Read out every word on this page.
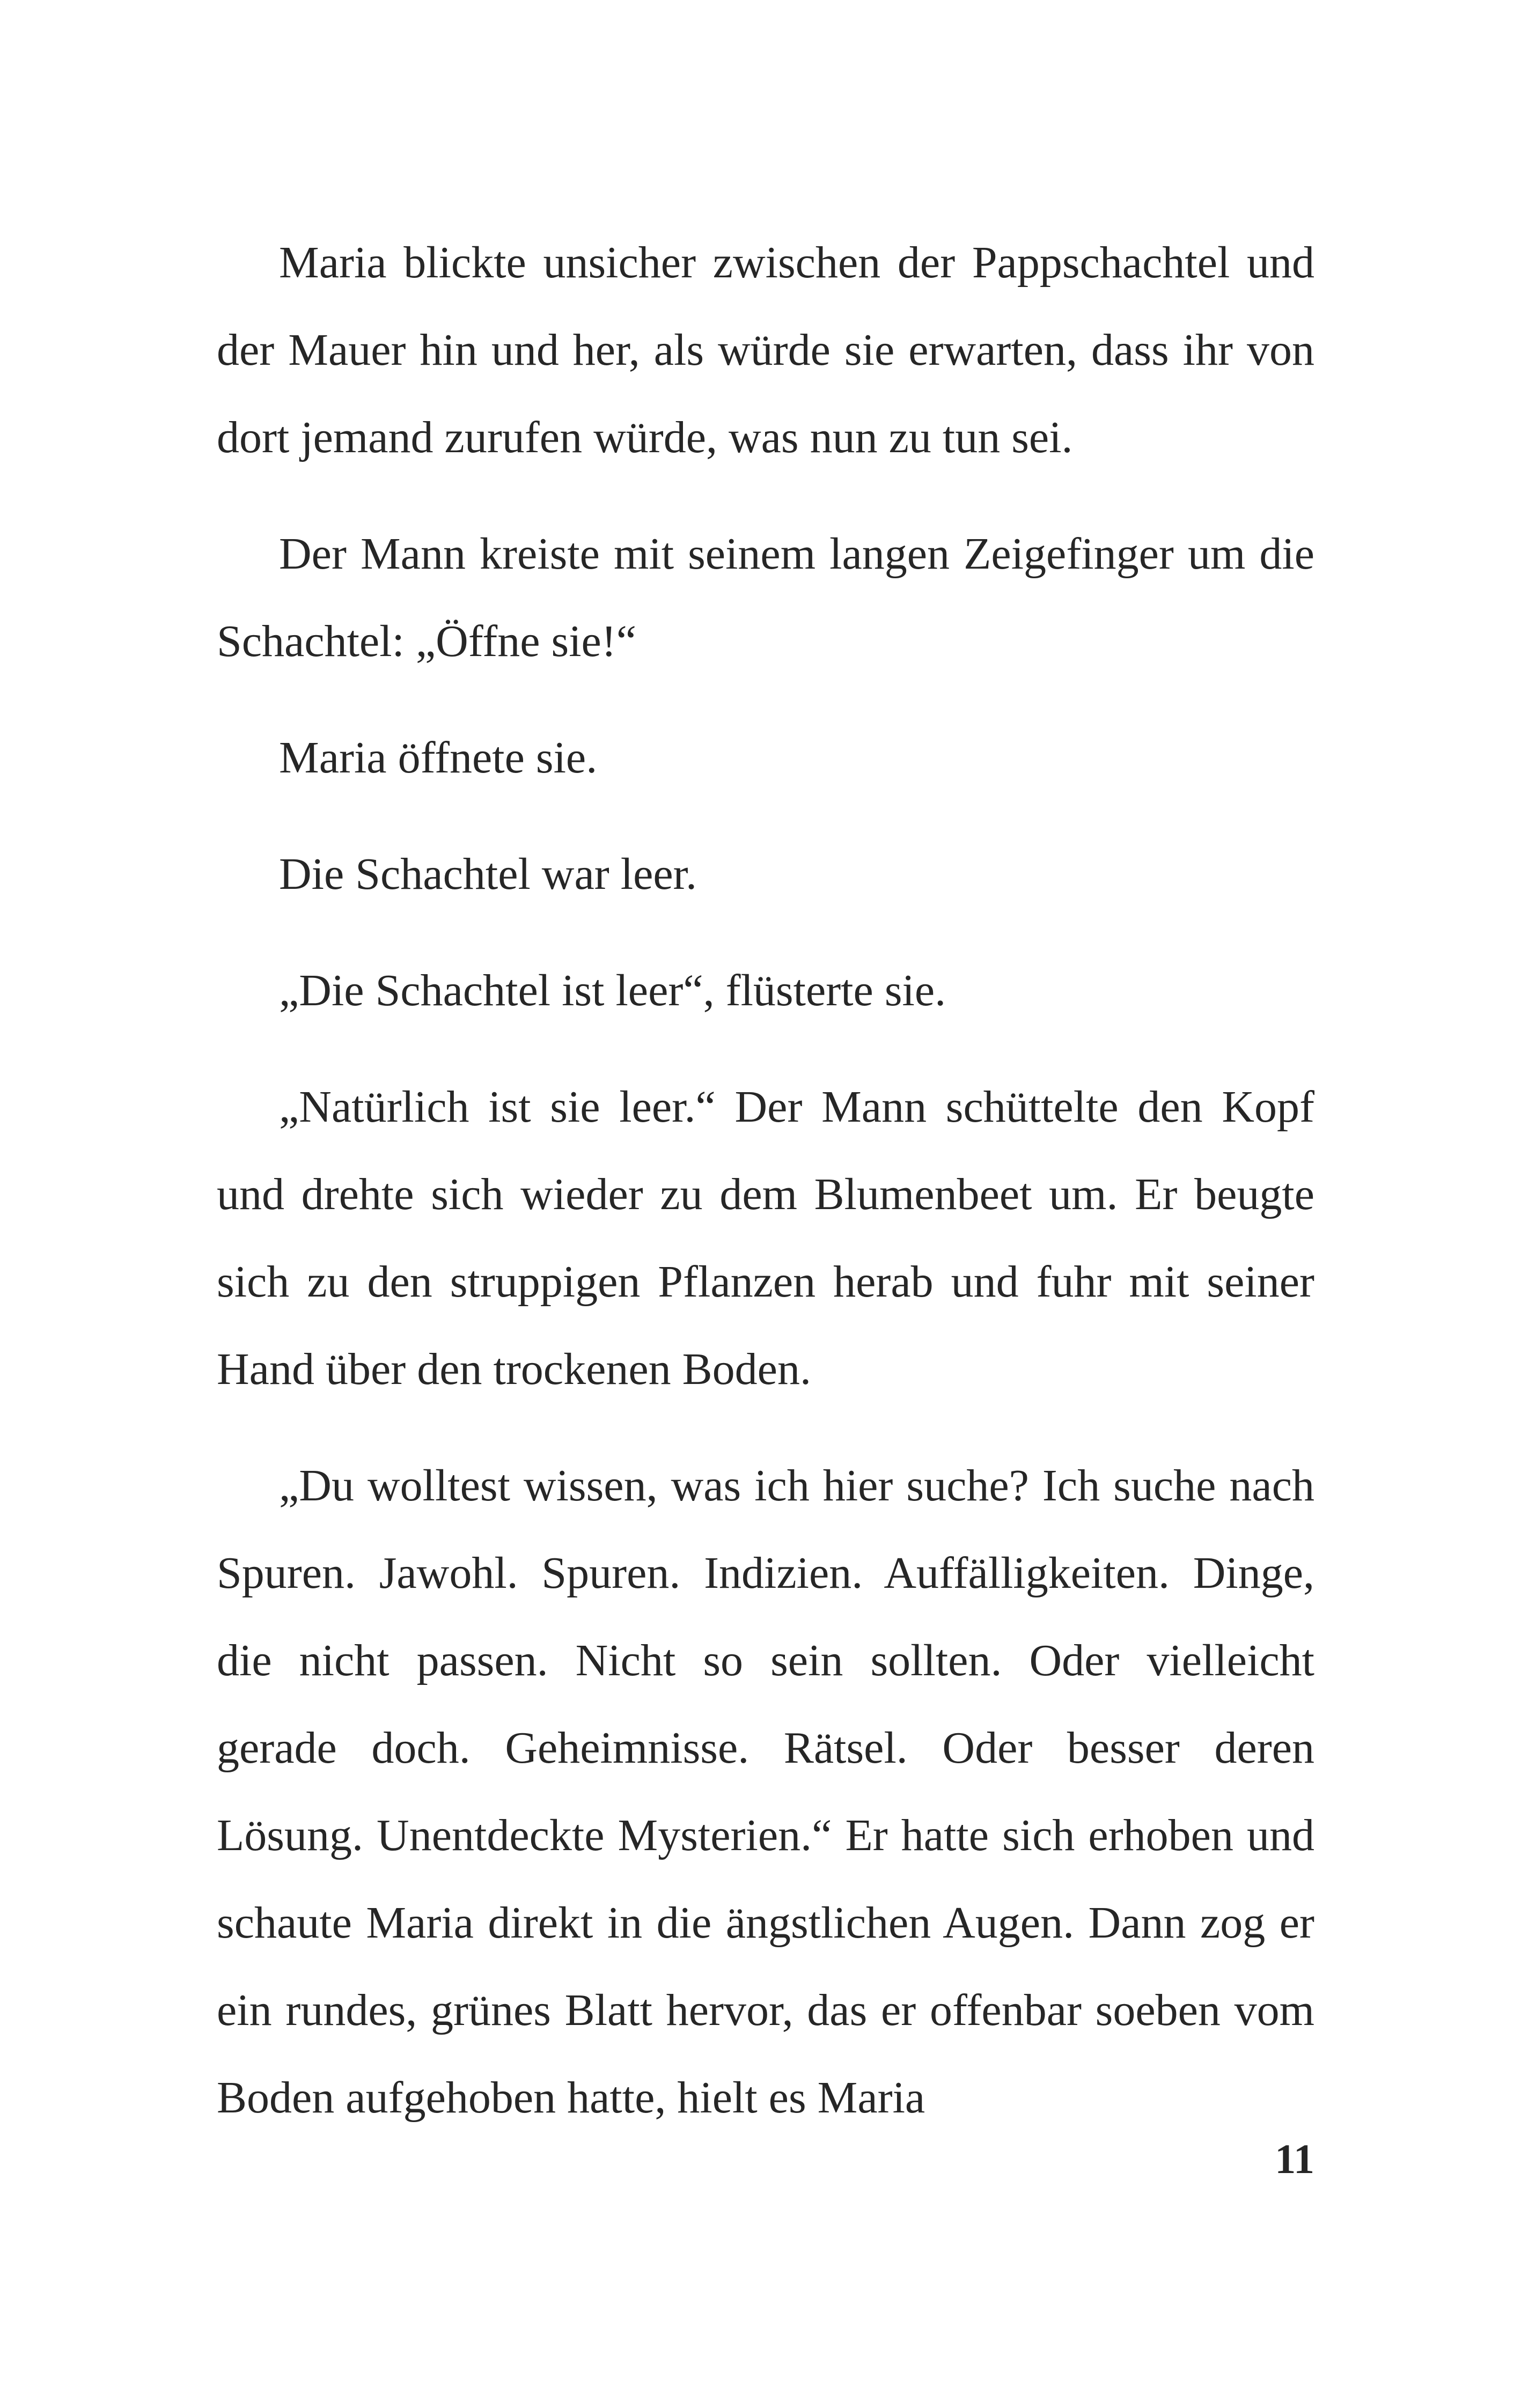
Maria blickte unsicher zwischen der Pappschachtel und der Mauer hin und her, als würde sie erwarten, dass ihr von dort jemand zurufen würde, was nun zu tun sei.

Der Mann kreiste mit seinem langen Zeigefinger um die Schachtel: „Öffne sie!“

Maria öffnete sie.

Die Schachtel war leer.

„Die Schachtel ist leer“, flüsterte sie.

„Natürlich ist sie leer.“ Der Mann schüttelte den Kopf und drehte sich wieder zu dem Blumenbeet um. Er beugte sich zu den struppigen Pflanzen herab und fuhr mit seiner Hand über den trockenen Boden.

„Du wolltest wissen, was ich hier suche? Ich suche nach Spuren. Jawohl. Spuren. Indizien. Auffälligkeiten. Dinge, die nicht passen. Nicht so sein sollten. Oder vielleicht gerade doch. Geheimnisse. Rätsel. Oder besser deren Lösung. Unentdeckte Mysterien.“ Er hatte sich erhoben und schaute Maria direkt in die ängstlichen Augen. Dann zog er ein rundes, grünes Blatt hervor, das er offenbar soeben vom Boden aufgehoben hatte, hielt es Maria

11
